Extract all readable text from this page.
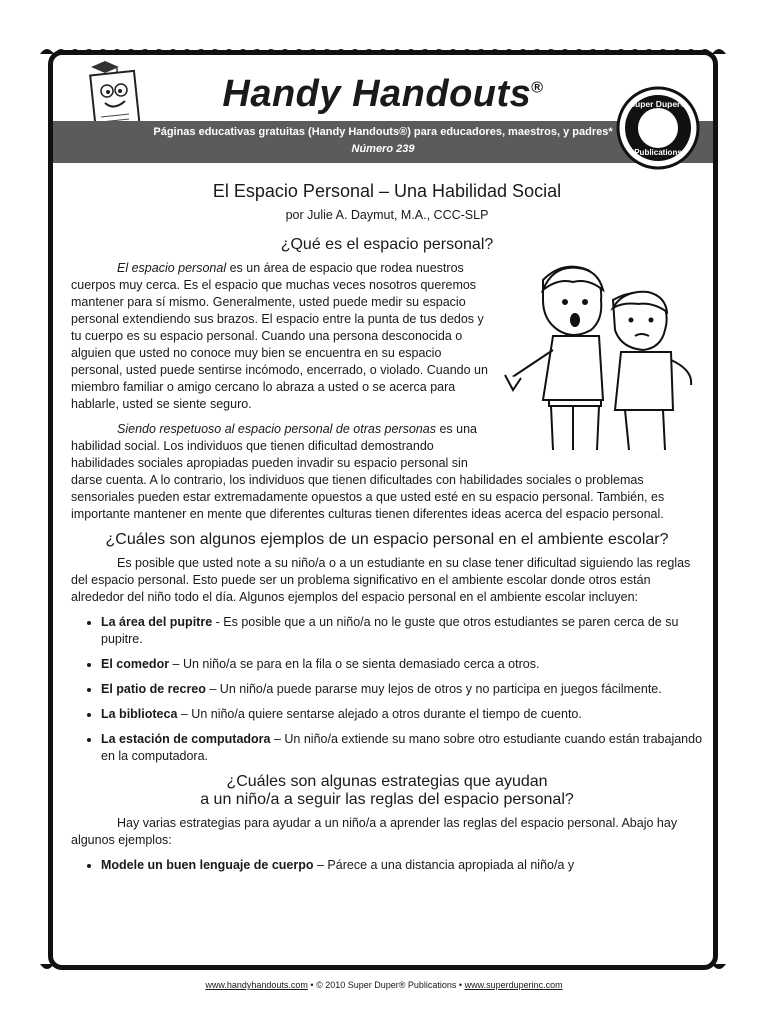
Handy Handouts®
Páginas educativas gratuitas (Handy Handouts®) para educadores, maestros, y padres*
Número 239
Super Duper®
Publications
El Espacio Personal – Una Habilidad Social
por Julie A. Daymut, M.A., CCC-SLP
¿Qué es el espacio personal?

El espacio personal es un área de espacio que rodea nuestros cuerpos muy cerca. Es el espacio que muchas veces nosotros queremos mantener para sí mismo. Generalmente, usted puede medir su espacio personal extendiendo sus brazos. El espacio entre la punta de tus dedos y tu cuerpo es su espacio personal. Cuando una persona desconocida o alguien que usted no conoce muy bien se encuentra en su espacio personal, usted puede sentirse incómodo, encerrado, o violado. Cuando un miembro familiar o amigo cercano lo abraza a usted o se acerca para hablarle, usted se siente seguro.

Siendo respetuoso al espacio personal de otras personas es una habilidad social. Los individuos que tienen dificultad demostrando habilidades sociales apropiadas pueden invadir su espacio personal sin darse cuenta. A lo contrario, los individuos que tienen dificultades con habilidades sociales o problemas sensoriales pueden estar extremadamente opuestos a que usted esté en su espacio personal. También, es importante mantener en mente que diferentes culturas tienen diferentes ideas acerca del espacio personal.

¿Cuáles son algunos ejemplos de un espacio personal en el ambiente escolar?

Es posible que usted note a su niño/a o a un estudiante en su clase tener dificultad siguiendo las reglas del espacio personal. Esto puede ser un problema significativo en el ambiente escolar donde otros están alrededor del niño todo el día. Algunos ejemplos del espacio personal en el ambiente escolar incluyen:

• La área del pupitre - Es posible que a un niño/a no le guste que otros estudiantes se paren cerca de su pupitre.
• El comedor – Un niño/a se para en la fila o se sienta demasiado cerca a otros.
• El patio de recreo – Un niño/a puede pararse muy lejos de otros y no participa en juegos fácilmente.
• La biblioteca – Un niño/a quiere sentarse alejado a otros durante el tiempo de cuento.
• La estación de computadora – Un niño/a extiende su mano sobre otro estudiante cuando están trabajando en la computadora.
¿Cuáles son algunas estrategias que ayudan
a un niño/a a seguir las reglas del espacio personal?

Hay varias estrategias para ayudar a un niño/a a aprender las reglas del espacio personal. Abajo hay algunos ejemplos:

• Modele un buen lenguaje de cuerpo – Párece a una distancia apropiada al niño/a y
www.handyhandouts.com • © 2010 Super Duper® Publications • www.superduperinc.com
